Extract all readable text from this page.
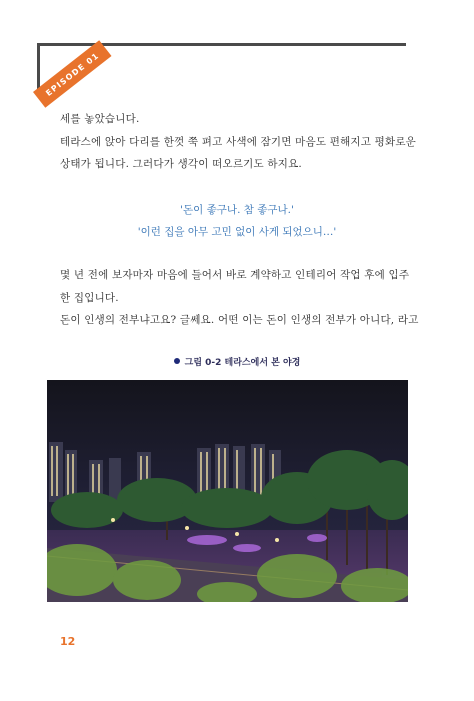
EPISODE 01
세를 놓았습니다.
테라스에 앉아 다리를 한껏 쭉 펴고 사색에 잠기면 마음도 편해지고 평화로운
상태가 됩니다. 그러다가 생각이 떠오르기도 하지요.
'돈이 좋구나. 참 좋구나.'
'이런 집을 아무 고민 없이 사게 되었으니…'
몇 년 전에 보자마자 마음에 들어서 바로 계약하고 인테리어 작업 후에 입주
한 집입니다.
돈이 인생의 전부냐고요? 글쎄요. 어떤 이는 돈이 인생의 전부가 아니다, 라고
그림 0-2 테라스에서 본 야경
12
